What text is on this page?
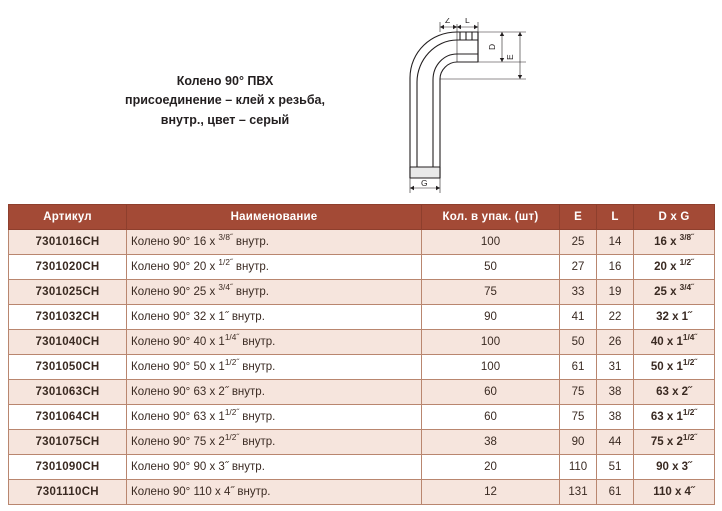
Колено 90° ПВХ
присоединение – клей х резьба,
внутр., цвет – серый
Z L
D
E
G
Артикул	Наименование	Кол. в упак. (шт)	E	L	D x G
7301016CH	Колено 90° 16 x $^{3/8˝}$ внутр.	100	25	14	16 x $^{3/8˝}$
7301020CH	Колено 90° 20 x $^{1/2˝}$ внутр.	50	27	16	20 x $^{1/2˝}$
7301025CH	Колено 90° 25 x $^{3/4˝}$ внутр.	75	33	19	25 x $^{3/4˝}$
7301032CH	Колено 90° 32 x 1˝ внутр.	90	41	22	32 x 1˝
7301040CH	Колено 90° 40 x $1^{1/4˝}$ внутр.	100	50	26	40 x $1^{1/4˝}$
7301050CH	Колено 90° 50 x $1^{1/2˝}$ внутр.	100	61	31	50 x $1^{1/2˝}$
7301063CH	Колено 90° 63 x 2˝ внутр.	60	75	38	63 x 2˝
7301064CH	Колено 90° 63 x $1^{1/2˝}$ внутр.	60	75	38	63 x $1^{1/2˝}$
7301075CH	Колено 90° 75 x $2^{1/2˝}$ внутр.	38	90	44	75 x $2^{1/2˝}$
7301090CH	Колено 90° 90 x 3˝ внутр.	20	110	51	90 x 3˝
7301110CH	Колено 90° 110 x 4˝ внутр.	12	131	61	110 x 4˝
